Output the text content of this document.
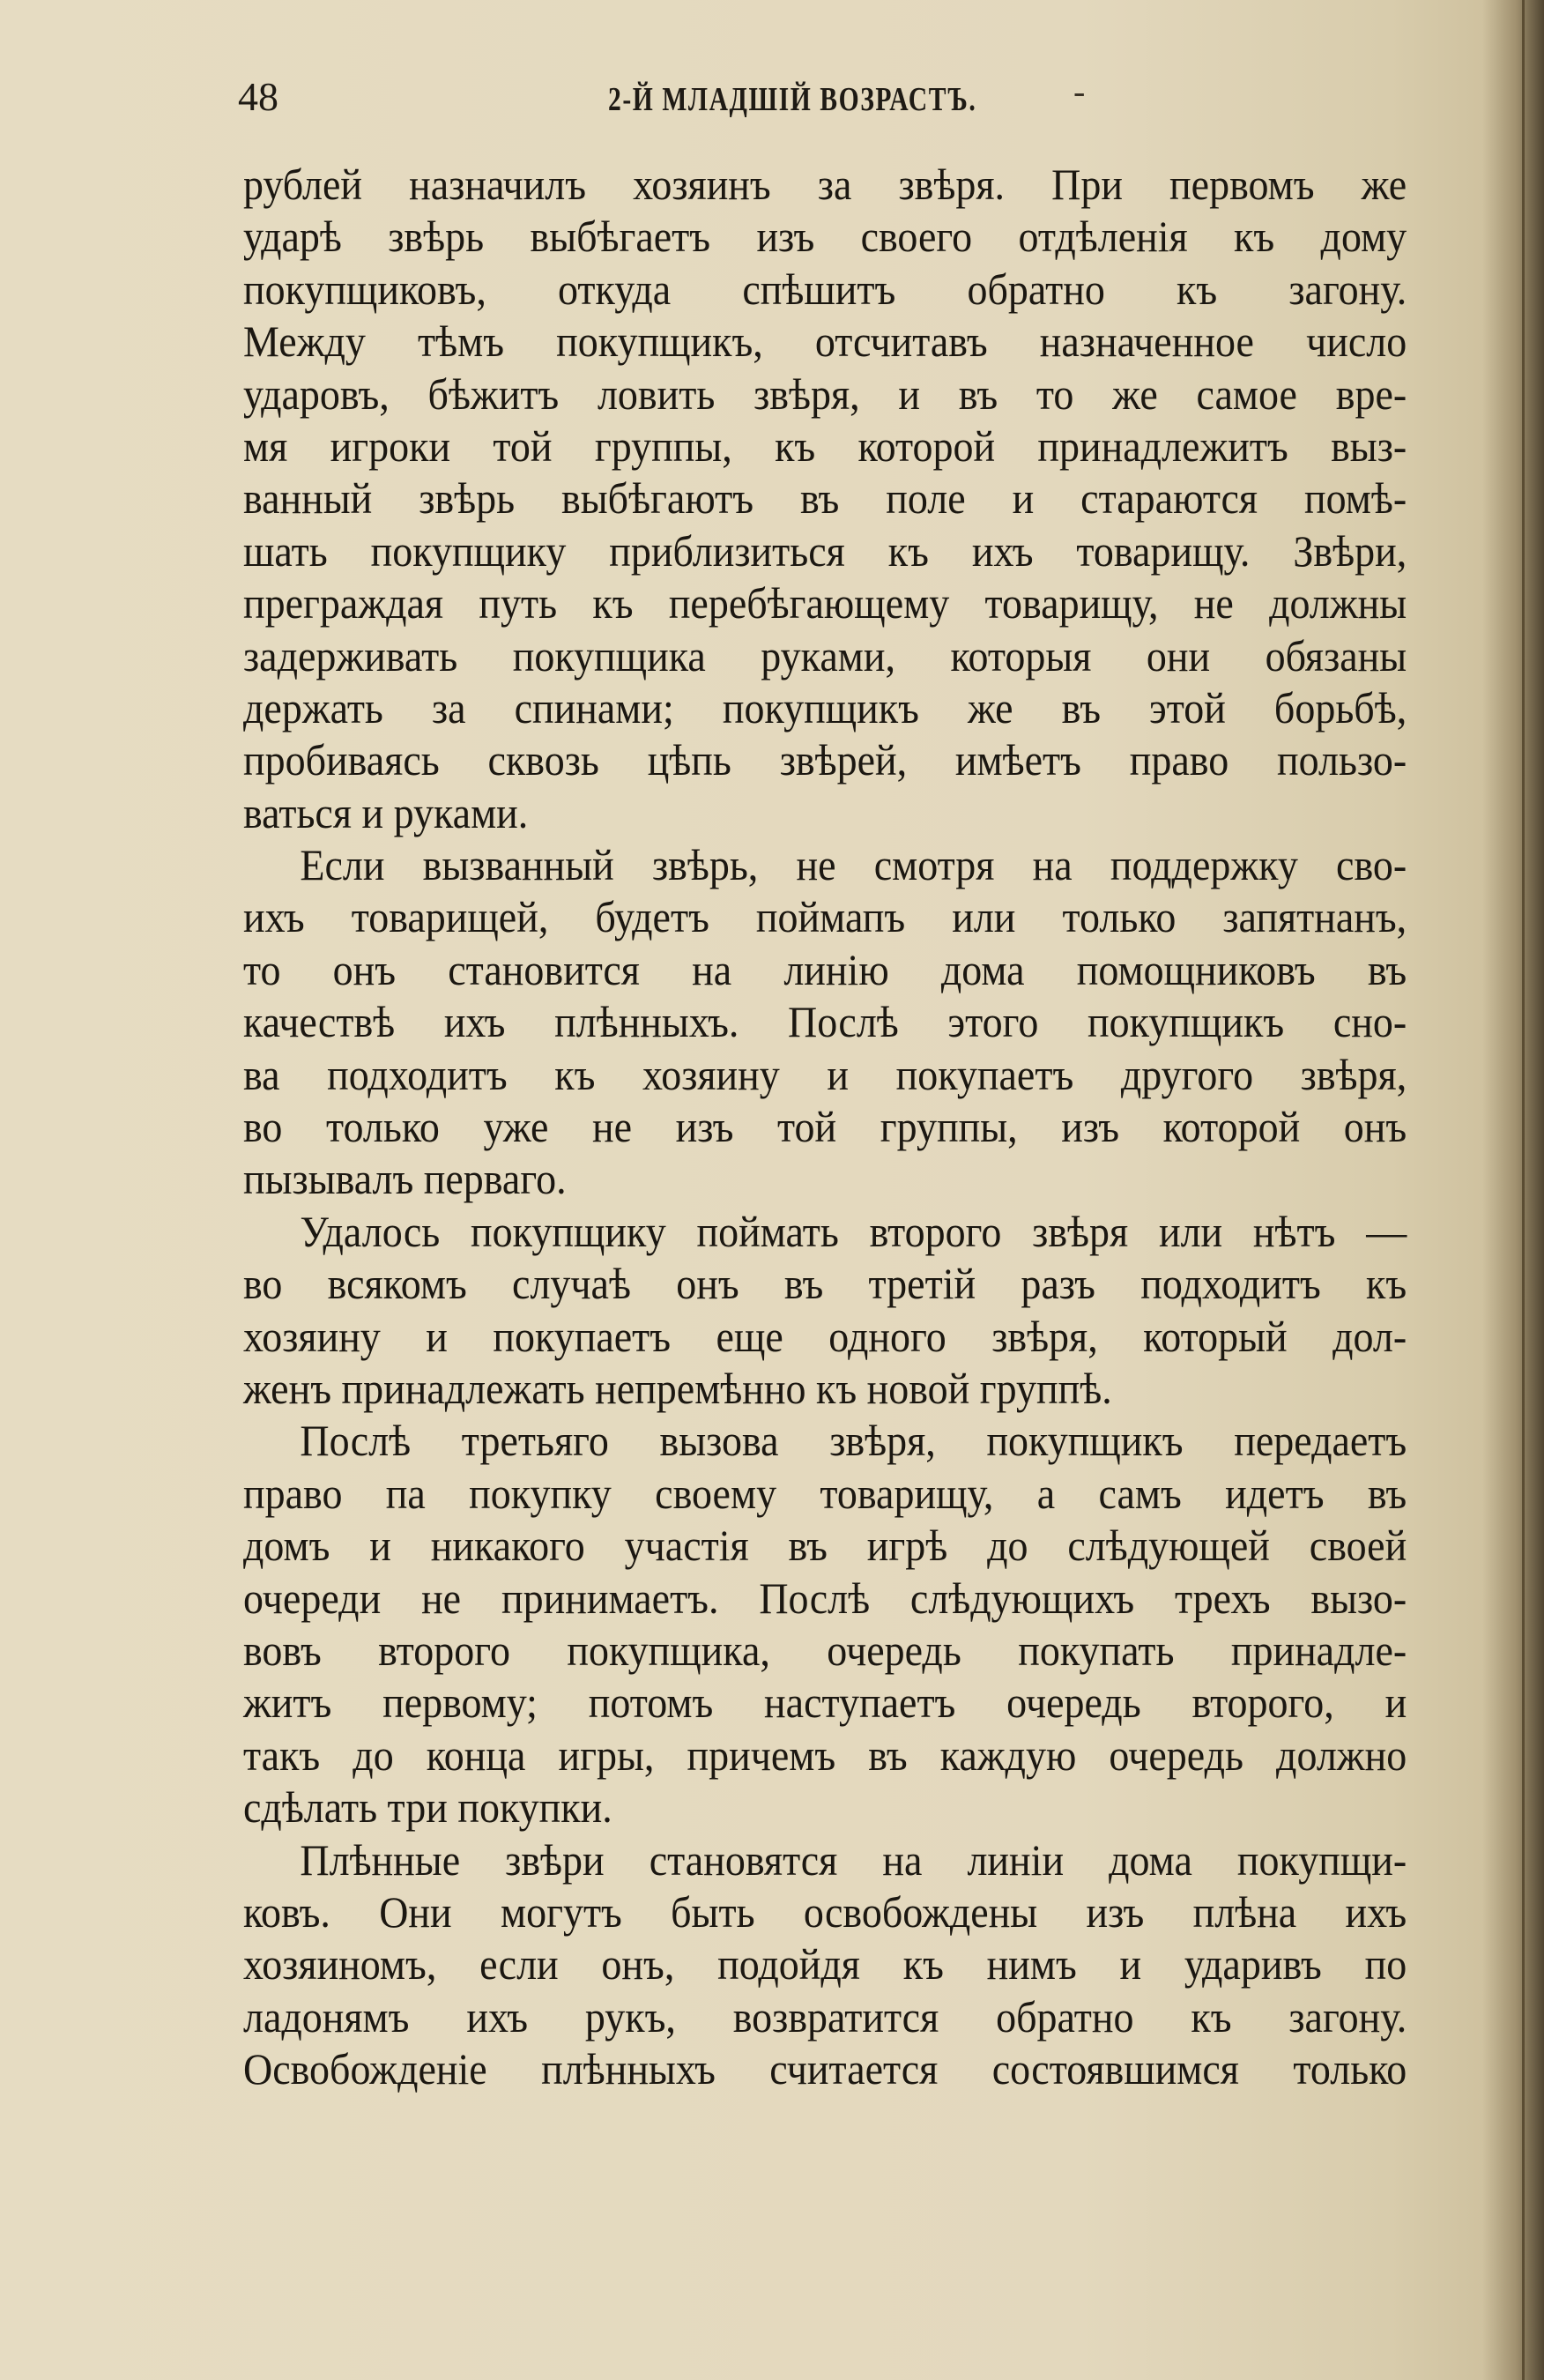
48	2-Й МЛАДШІЙ ВОЗРАСТЪ.	-
рублей назначилъ хозяинъ за звѣря. При первомъ же
ударѣ звѣрь выбѣгаетъ изъ своего отдѣленія къ дому
покупщиковъ, откуда спѣшитъ обратно къ загону.
Между тѣмъ покупщикъ, отсчитавъ назначенное число
ударовъ, бѣжитъ ловить звѣря, и въ то же самое вре-
мя игроки той группы, къ которой принадлежитъ выз-
ванный звѣрь выбѣгаютъ въ поле и стараются помѣ-
шать покупщику приблизиться къ ихъ товарищу. Звѣри,
преграждая путь къ перебѣгающему товарищу, не должны
задерживать покупщика руками, которыя они обязаны
держать за спинами; покупщикъ же въ этой борьбѣ,
пробиваясь сквозь цѣпь звѣрей, имѣетъ право пользо-
ваться и руками.
Если вызванный звѣрь, не смотря на поддержку сво-
ихъ товарищей, будетъ поймапъ или только запятнанъ,
то онъ становится на линію дома помощниковъ въ
качествѣ ихъ плѣнныхъ. Послѣ этого покупщикъ сно-
ва подходитъ къ хозяину и покупаетъ другого звѣря,
во только уже не изъ той группы, изъ которой онъ
пызывалъ перваго.
Удалось покупщику поймать второго звѣря или нѣтъ —
во всякомъ случаѣ онъ въ третій разъ подходитъ къ
хозяину и покупаетъ еще одного звѣря, который дол-
женъ принадлежать непремѣнно къ новой группѣ.
Послѣ третьяго вызова звѣря, покупщикъ передаетъ
право па покупку своему товарищу, а самъ идетъ въ
домъ и никакого участія въ игрѣ до слѣдующей своей
очереди не принимаетъ. Послѣ слѣдующихъ трехъ вызо-
вовъ второго покупщика, очередь покупать принадле-
житъ первому; потомъ наступаетъ очередь второго, и
такъ до конца игры, причемъ въ каждую очередь должно
сдѣлать три покупки.
Плѣнные звѣри становятся на линіи дома покупщи-
ковъ. Они могутъ быть освобождены изъ плѣна ихъ
хозяиномъ, если онъ, подойдя къ нимъ и ударивъ по
ладонямъ ихъ рукъ, возвратится обратно къ загону.
Освобожденіе плѣнныхъ считается состоявшимся только
